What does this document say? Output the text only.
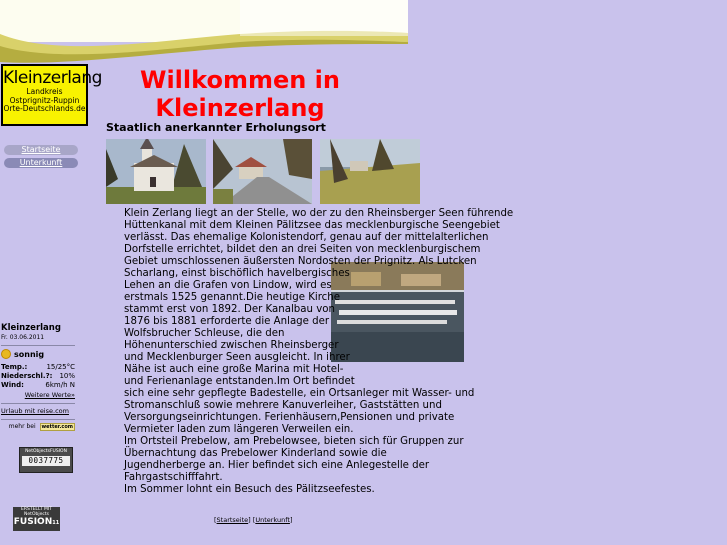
Kleinzerlang
Landkreis
Ostprignitz-Ruppin
Orte-Deutschlands.de
Willkommen in
Kleinzerlang
Staatlich anerkannter Erholungsort
Startseite
Unterkunft
Klein Zerlang liegt an der Stelle, wo der zu den Rheinsberger Seen führende
Hüttenkanal mit dem Kleinen Pälitzsee das mecklenburgische Seengebiet
verlässt. Das ehemalige Kolonistendorf, genau auf der mittelalterlichen
Dorfstelle errichtet, bildet den an drei Seiten von mecklenburgischem
Gebiet umschlossenen äußersten Nordosten der Prignitz. Als Lutcken
Scharlang, einst bischöflich havelbergisches
Lehen an die Grafen von Lindow, wird es
erstmals 1525 genannt.Die heutige Kirche
stammt erst von 1892. Der Kanalbau von
1876 bis 1881 erforderte die Anlage der
Wolfsbrucher Schleuse, die den
Höhenunterschied zwischen Rheinsberger
und Mecklenburger Seen ausgleicht. In ihrer
Nähe ist auch eine große Marina mit Hotel-
und Ferienanlage entstanden.Im Ort befindet
sich eine sehr gepflegte Badestelle, ein Ortsanleger mit Wasser- und
Stromanschluß sowie mehrere Kanuverleiher, Gaststätten und
Versorgungseinrichtungen. Ferienhäusern,Pensionen und private
Vermieter laden zum längeren Verweilen ein.
Im Ortsteil Prebelow, am Prebelowsee, bieten sich für Gruppen zur
Übernachtung das Prebelower Kinderland sowie die
Jugendherberge an. Hier befindet sich eine Anlegestelle der
Fahrgastschifffahrt.
Im Sommer lohnt ein Besuch des Pälitzseefestes.
Kleinzerlang
Fr. 03.06.2011
sonnig
Temp.:	15/25°C
Niederschl.?: 10%
Wind:	6km/h N
Weitere Werte»
Urlaub mit reise.com
mehr bei wetter.com
NetObjectsFUSION
0037775
ERSTELLT MIT
NetObjects
FUSION11	[Startseite] [Unterkunft]
